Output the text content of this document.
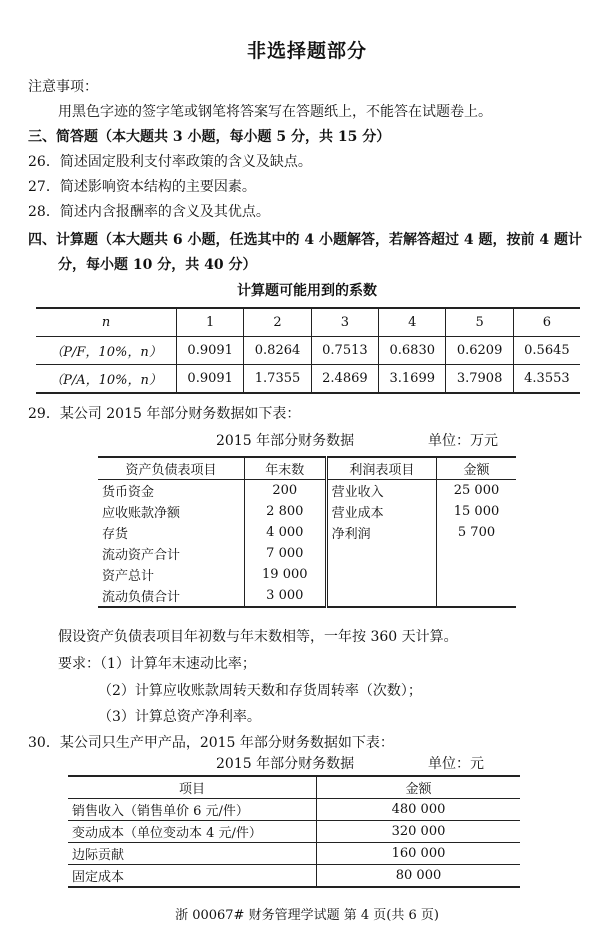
非选择题部分
注意事项：
用黑色字迹的签字笔或钢笔将答案写在答题纸上，不能答在试题卷上。
三、简答题（本大题共 3 小题，每小题 5 分，共 15 分）
26．简述固定股利支付率政策的含义及缺点。
27．简述影响资本结构的主要因素。
28．简述内含报酬率的含义及其优点。
四、计算题（本大题共 6 小题，任选其中的 4 小题解答，若解答超过 4 题，按前 4 题计
分，每小题 10 分，共 40 分）
计算题可能用到的系数
n	1	2	3	4	5	6
（P/F，10%，n）	0.9091	0.8264	0.7513	0.6830	0.6209	0.5645
（P/A，10%，n）	0.9091	1.7355	2.4869	3.1699	3.7908	4.3553
29．某公司 2015 年部分财务数据如下表：
2015 年部分财务数据	单位：万元
资产负债表项目	年末数	利润表项目	金额
货币资金	200	营业收入	25 000
应收账款净额	2 800	营业成本	15 000
存货	4 000	净利润	5 700
流动资产合计	7 000		
资产总计	19 000		
流动负债合计	3 000		
假设资产负债表项目年初数与年末数相等，一年按 360 天计算。
要求：（1）计算年末速动比率；
（2）计算应收账款周转天数和存货周转率（次数）；
（3）计算总资产净利率。
30．某公司只生产甲产品，2015 年部分财务数据如下表：
2015 年部分财务数据	单位：元
项目	金额
销售收入（销售单价 6 元/件）	480 000
变动成本（单位变动本 4 元/件）	320 000
边际贡献	160 000
固定成本	80 000
浙 00067# 财务管理学试题 第 4 页(共 6 页)
